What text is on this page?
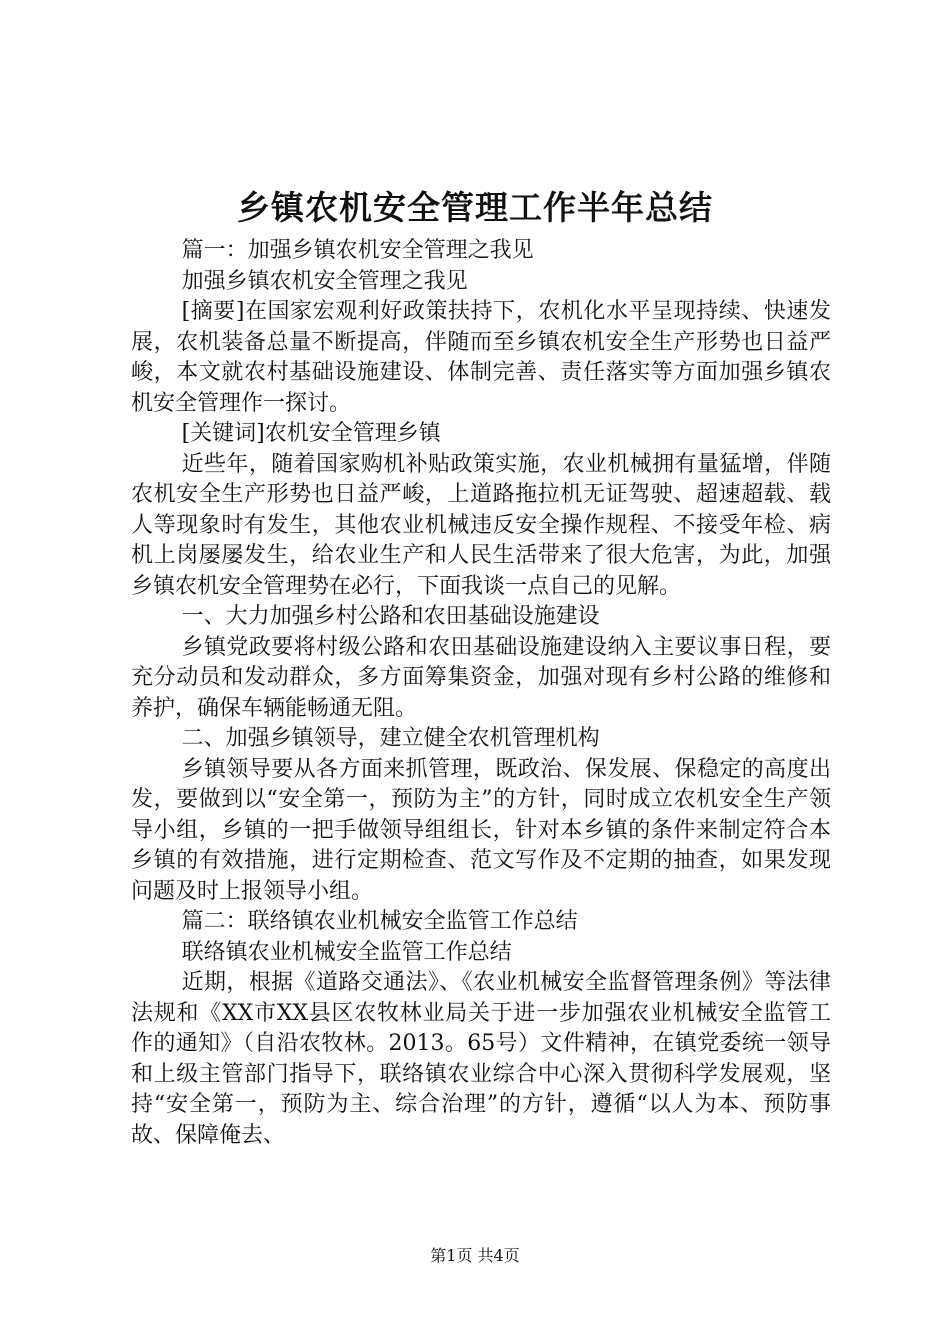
乡镇农机安全管理工作半年总结

篇一：加强乡镇农机安全管理之我见

加强乡镇农机安全管理之我见

[摘要]在国家宏观利好政策扶持下，农机化水平呈现持续、快速发展，农机装备总量不断提高，伴随而至乡镇农机安全生产形势也日益严峻，本文就农村基础设施建设、体制完善、责任落实等方面加强乡镇农机安全管理作一探讨。

[关键词]农机安全管理乡镇

近些年，随着国家购机补贴政策实施，农业机械拥有量猛增，伴随农机安全生产形势也日益严峻，上道路拖拉机无证驾驶、超速超载、载人等现象时有发生，其他农业机械违反安全操作规程、不接受年检、病机上岗屡屡发生，给农业生产和人民生活带来了很大危害，为此，加强乡镇农机安全管理势在必行，下面我谈一点自己的见解。

一、大力加强乡村公路和农田基础设施建设

乡镇党政要将村级公路和农田基础设施建设纳入主要议事日程，要充分动员和发动群众，多方面筹集资金，加强对现有乡村公路的维修和养护，确保车辆能畅通无阻。

二、加强乡镇领导，建立健全农机管理机构

乡镇领导要从各方面来抓管理，既政治、保发展、保稳定的高度出发，要做到以“安全第一，预防为主”的方针，同时成立农机安全生产领导小组，乡镇的一把手做领导组组长，针对本乡镇的条件来制定符合本乡镇的有效措施，进行定期检查、范文写作及不定期的抽查，如果发现问题及时上报领导小组。

篇二：联络镇农业机械安全监管工作总结

联络镇农业机械安全监管工作总结

近期，根据《道路交通法》、《农业机械安全监督管理条例》等法律法规和《XX市XX县区农牧林业局关于进一步加强农业机械安全监管工作的通知》（自沿农牧林。2013。65号）文件精神，在镇党委统一领导和上级主管部门指导下，联络镇农业综合中心深入贯彻科学发展观，坚持“安全第一，预防为主、综合治理”的方针，遵循“以人为本、预防事故、保障俺去、

第1页 共4页
